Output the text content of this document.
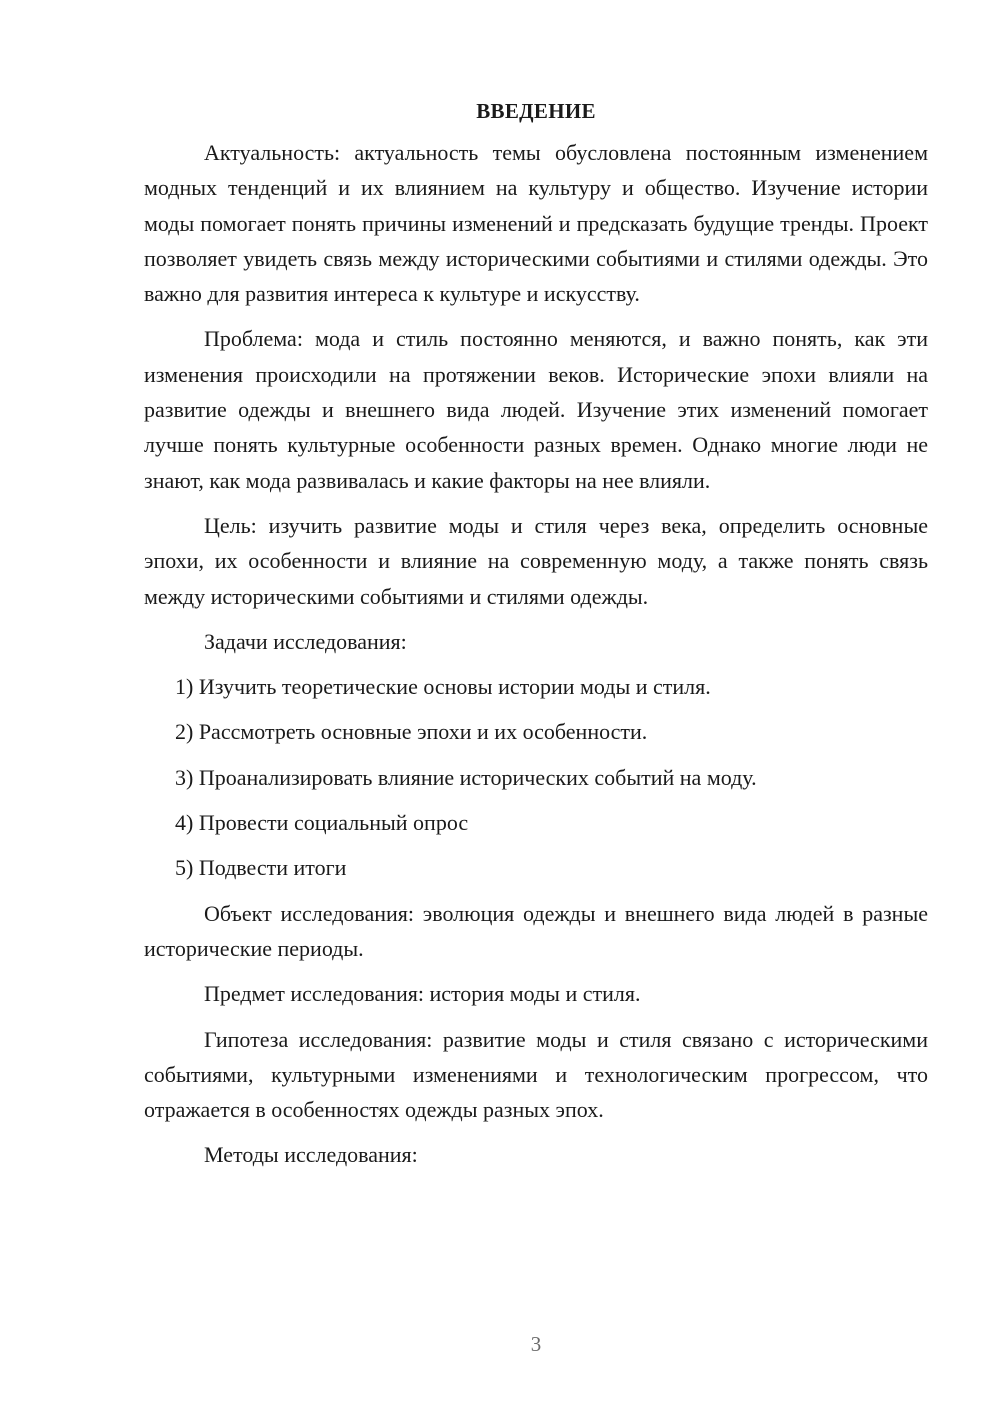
ВВЕДЕНИЕ

Актуальность: актуальность темы обусловлена постоянным изменением модных тенденций и их влиянием на культуру и общество. Изучение истории моды помогает понять причины изменений и предсказать будущие тренды. Проект позволяет увидеть связь между историческими событиями и стилями одежды. Это важно для развития интереса к культуре и искусству.

Проблема: мода и стиль постоянно меняются, и важно понять, как эти изменения происходили на протяжении веков. Исторические эпохи влияли на развитие одежды и внешнего вида людей. Изучение этих изменений помогает лучше понять культурные особенности разных времен. Однако многие люди не знают, как мода развивалась и какие факторы на нее влияли.

Цель: изучить развитие моды и стиля через века, определить основные эпохи, их особенности и влияние на современную моду, а также понять связь между историческими событиями и стилями одежды.

Задачи исследования:

1) Изучить теоретические основы истории моды и стиля.
2) Рассмотреть основные эпохи и их особенности.
3) Проанализировать влияние исторических событий на моду.
4) Провести социальный опрос
5) Подвести итоги

Объект исследования: эволюция одежды и внешнего вида людей в разные исторические периоды.

Предмет исследования: история моды и стиля.

Гипотеза исследования: развитие моды и стиля связано с историческими событиями, культурными изменениями и технологическим прогрессом, что отражается в особенностях одежды разных эпох.

Методы исследования:

3
